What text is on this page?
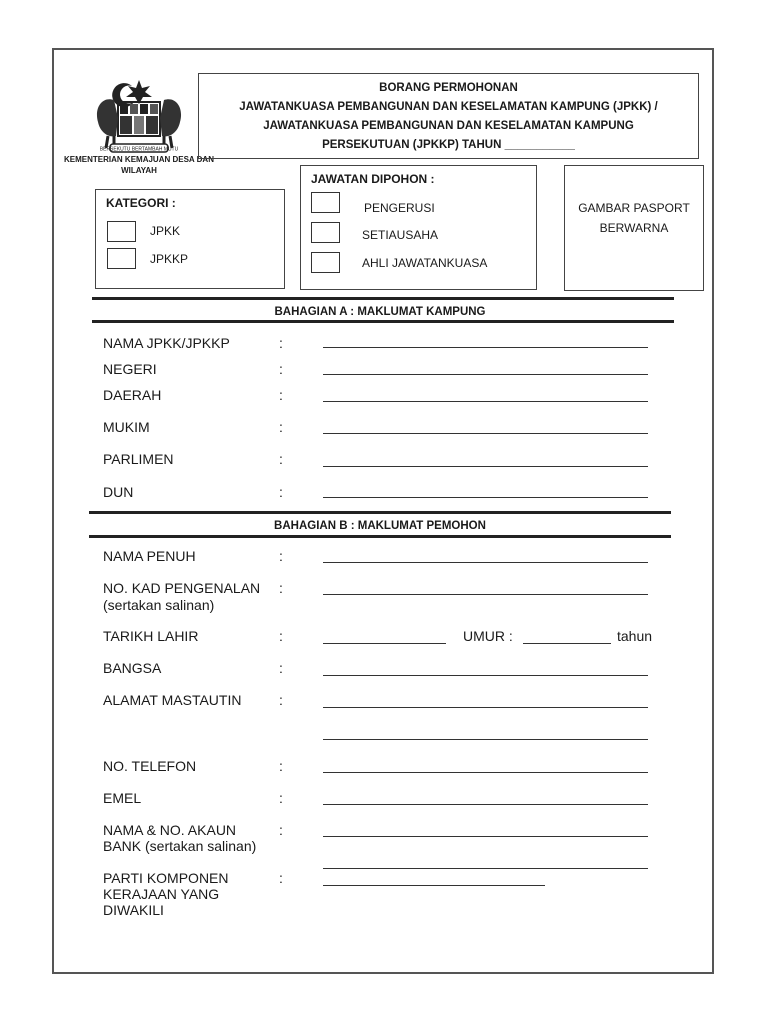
BERSEKUTU BERTAMBAH MUTU
KEMENTERIAN KEMAJUAN DESA DAN WILAYAH
BORANG PERMOHONAN
JAWATANKUASA PEMBANGUNAN DAN KESELAMATAN KAMPUNG (JPKK) /
JAWATANKUASA PEMBANGUNAN DAN KESELAMATAN KAMPUNG
PERSEKUTUAN (JPKKP) TAHUN ___________
KATEGORI :
JPKK
JPKKP
JAWATAN DIPOHON :
PENGERUSI
SETIAUSAHA
AHLI JAWATANKUASA
GAMBAR PASPORT
BERWARNA
BAHAGIAN A : MAKLUMAT KAMPUNG
NAMA JPKK/JPKKP	:
NEGERI	:
DAERAH	:
MUKIM	:
PARLIMEN	:
DUN	:
BAHAGIAN B : MAKLUMAT PEMOHON
NAMA PENUH	:
NO. KAD PENGENALAN :
(sertakan salinan)
TARIKH LAHIR	:	UMUR :	tahun
BANGSA	:
ALAMAT MASTAUTIN	:
NO. TELEFON	:
EMEL	:
NAMA & NO. AKAUN	:
BANK (sertakan salinan)
PARTI KOMPONEN	:
KERAJAAN YANG
DIWAKILI
